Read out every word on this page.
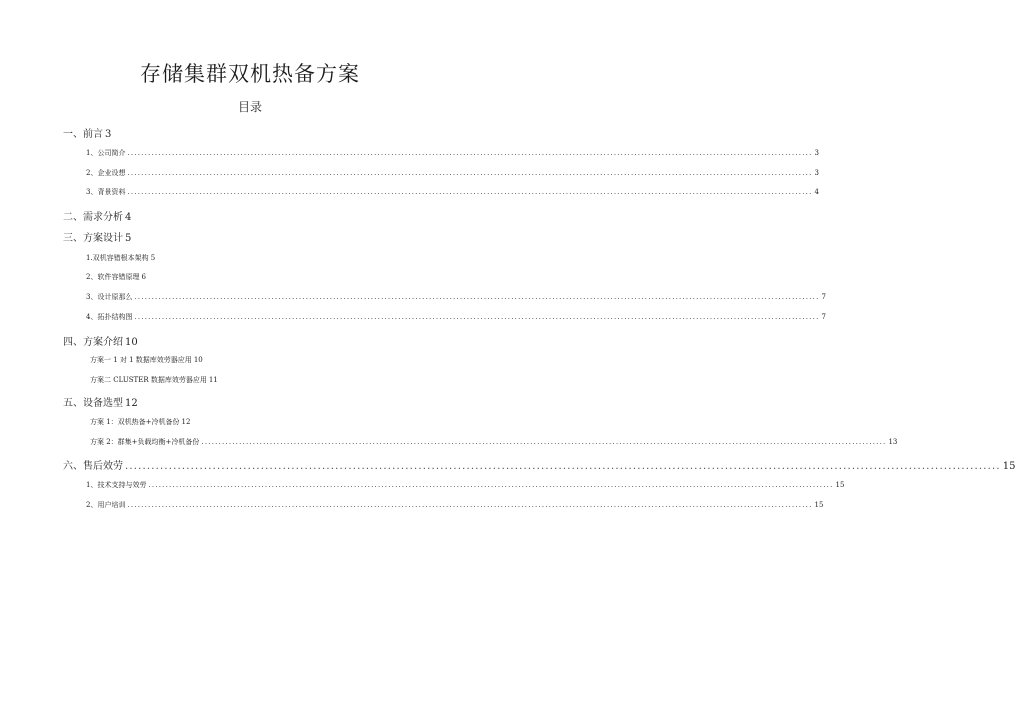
存储集群双机热备方案
目录
一、前言 3
1、公司简介 ........................................................................................................................................................................................................ 3
2、企业设想 ........................................................................................................................................................................................................ 3
3、背景资料 ........................................................................................................................................................................................................ 4
二、需求分析 4
三、方案设计 5
1.双机容错根本架构 5
2、软件容错原理 6
3、设计原那么 ........................................................................................................................................................................................................ 7
4、拓扑结构图 ........................................................................................................................................................................................................ 7
四、方案介绍 10
方案一 1 对 1 数据库效劳器应用 10
方案二 CLUSTER 数据库效劳器应用 11
五、设备选型 12
方案 1：双机热备+冷机备份 12
方案 2：群集+负载均衡+冷机备份 ........................................................................................................................................................................................................ 13
六、售后效劳 ........................................................................................................................................................................................................ 15
1、技术支持与效劳 ........................................................................................................................................................................................................ 15
2、用户培训 ........................................................................................................................................................................................................ 15
